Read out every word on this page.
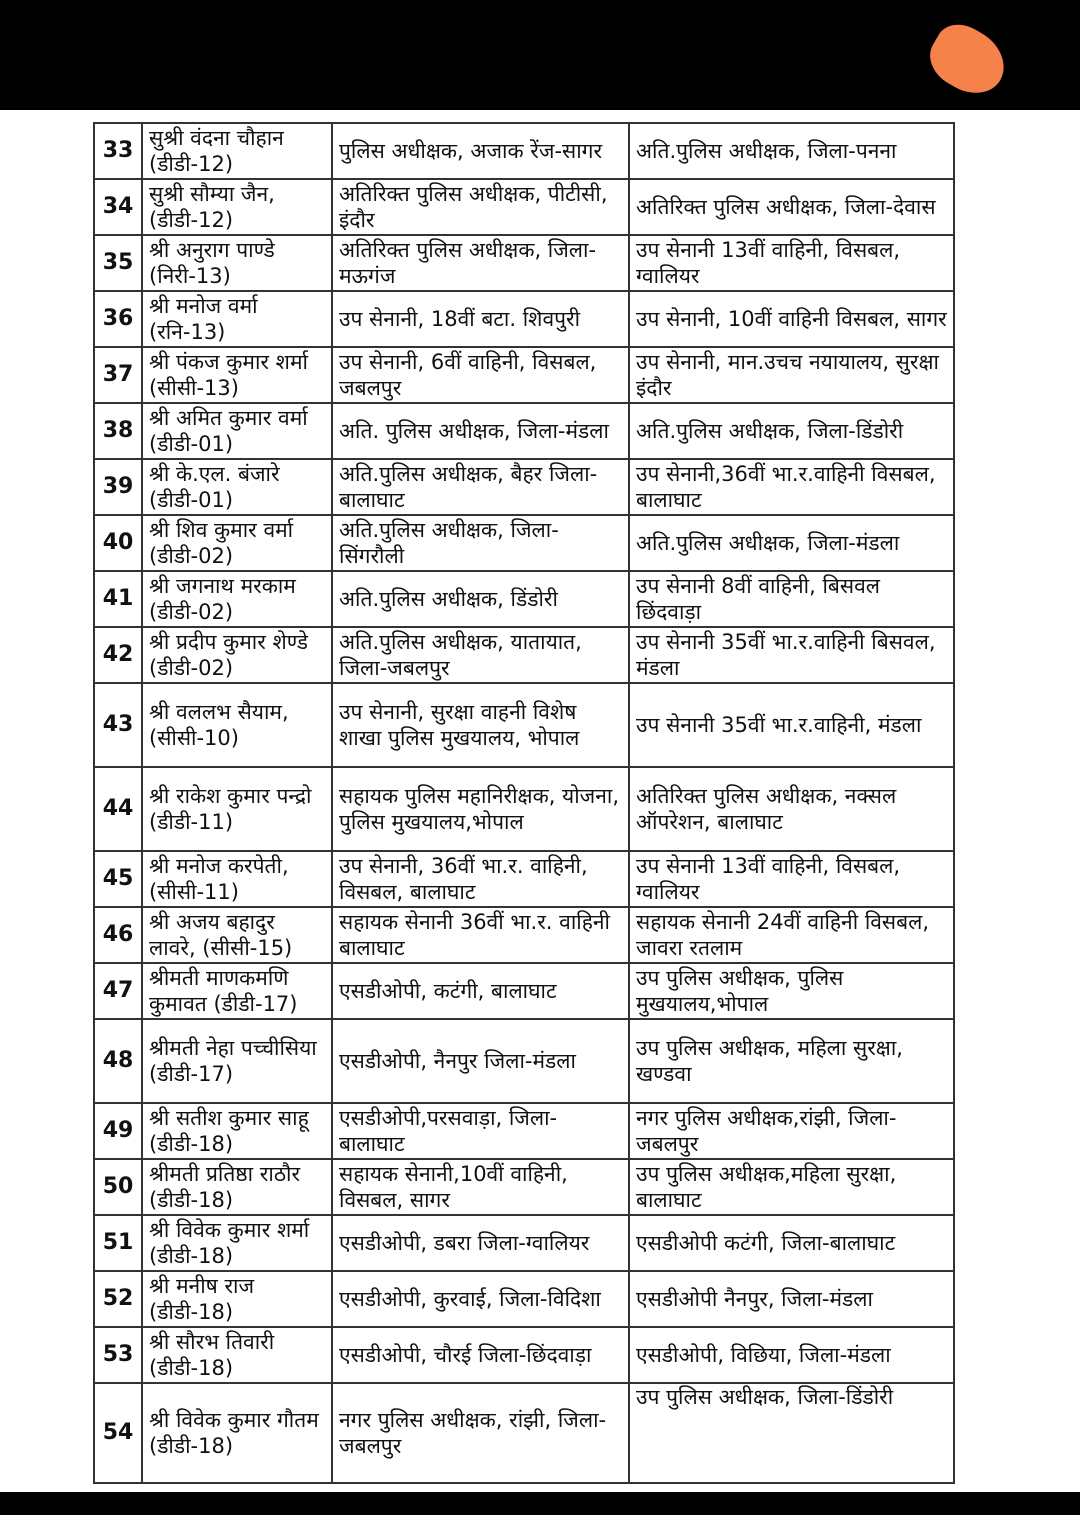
33	सुश्री वंदना चौहान (डीडी-12)	पुलिस अधीक्षक, अजाक रेंज-सागर	अति.पुलिस अधीक्षक, जिला-पनना
34	सुश्री सौम्या जैन, (डीडी-12)	अतिरिक्त पुलिस अधीक्षक, पीटीसी, इंदौर	अतिरिक्त पुलिस अधीक्षक, जिला-देवास
35	श्री अनुराग पाण्डे (निरी-13)	अतिरिक्त पुलिस अधीक्षक, जिला-मऊगंज	उप सेनानी 13वीं वाहिनी, विसबल, ग्वालियर
36	श्री मनोज वर्मा (रनि-13)	उप सेनानी, 18वीं बटा. शिवपुरी	उप सेनानी, 10वीं वाहिनी विसबल, सागर
37	श्री पंकज कुमार शर्मा (सीसी-13)	उप सेनानी, 6वीं वाहिनी, विसबल, जबलपुर	उप सेनानी, मान.उचच नयायालय, सुरक्षा इंदौर
38	श्री अमित कुमार वर्मा (डीडी-01)	अति. पुलिस अधीक्षक, जिला-मंडला	अति.पुलिस अधीक्षक, जिला-डिंडोरी
39	श्री के.एल. बंजारे (डीडी-01)	अति.पुलिस अधीक्षक, बैहर जिला-बालाघाट	उप सेनानी,36वीं भा.र.वाहिनी विसबल, बालाघाट
40	श्री शिव कुमार वर्मा (डीडी-02)	अति.पुलिस अधीक्षक, जिला-सिंगरौली	अति.पुलिस अधीक्षक, जिला-मंडला
41	श्री जगनाथ मरकाम (डीडी-02)	अति.पुलिस अधीक्षक, डिंडोरी	उप सेनानी 8वीं वाहिनी, बिसवल छिंदवाड़ा
42	श्री प्रदीप कुमार शेण्डे (डीडी-02)	अति.पुलिस अधीक्षक, यातायात, जिला-जबलपुर	उप सेनानी 35वीं भा.र.वाहिनी बिसवल, मंडला
43	श्री वललभ सैयाम, (सीसी-10)	उप सेनानी, सुरक्षा वाहनी विशेष शाखा पुलिस मुखयालय, भोपाल	उप सेनानी 35वीं भा.र.वाहिनी, मंडला
44	श्री राकेश कुमार पन्द्रो (डीडी-11)	सहायक पुलिस महानिरीक्षक, योजना, पुलिस मुखयालय,भोपाल	अतिरिक्त पुलिस अधीक्षक, नक्सल ऑपरेशन, बालाघाट
45	श्री मनोज करपेती, (सीसी-11)	उप सेनानी, 36वीं भा.र. वाहिनी, विसबल, बालाघाट	उप सेनानी 13वीं वाहिनी, विसबल, ग्वालियर
46	श्री अजय बहादुर लावरे, (सीसी-15)	सहायक सेनानी 36वीं भा.र. वाहिनी बालाघाट	सहायक सेनानी 24वीं वाहिनी विसबल, जावरा रतलाम
47	श्रीमती माणकमणि कुमावत (डीडी-17)	एसडीओपी, कटंगी, बालाघाट	उप पुलिस अधीक्षक, पुलिस मुखयालय,भोपाल
48	श्रीमती नेहा पच्चीसिया (डीडी-17)	एसडीओपी, नैनपुर जिला-मंडला	उप पुलिस अधीक्षक, महिला सुरक्षा, खण्डवा
49	श्री सतीश कुमार साहू (डीडी-18)	एसडीओपी,परसवाड़ा, जिला-बालाघाट	नगर पुलिस अधीक्षक,रांझी, जिला-जबलपुर
50	श्रीमती प्रतिष्ठा राठौर (डीडी-18)	सहायक सेनानी,10वीं वाहिनी, विसबल, सागर	उप पुलिस अधीक्षक,महिला सुरक्षा, बालाघाट
51	श्री विवेक कुमार शर्मा (डीडी-18)	एसडीओपी, डबरा जिला-ग्वालियर	एसडीओपी कटंगी, जिला-बालाघाट
52	श्री मनीष राज (डीडी-18)	एसडीओपी, कुरवाई, जिला-विदिशा	एसडीओपी नैनपुर, जिला-मंडला
53	श्री सौरभ तिवारी (डीडी-18)	एसडीओपी, चौरई जिला-छिंदवाड़ा	एसडीओपी, विछिया, जिला-मंडला
54	श्री विवेक कुमार गौतम (डीडी-18)	नगर पुलिस अधीक्षक, रांझी, जिला-जबलपुर	उप पुलिस अधीक्षक, जिला-डिंडोरी
